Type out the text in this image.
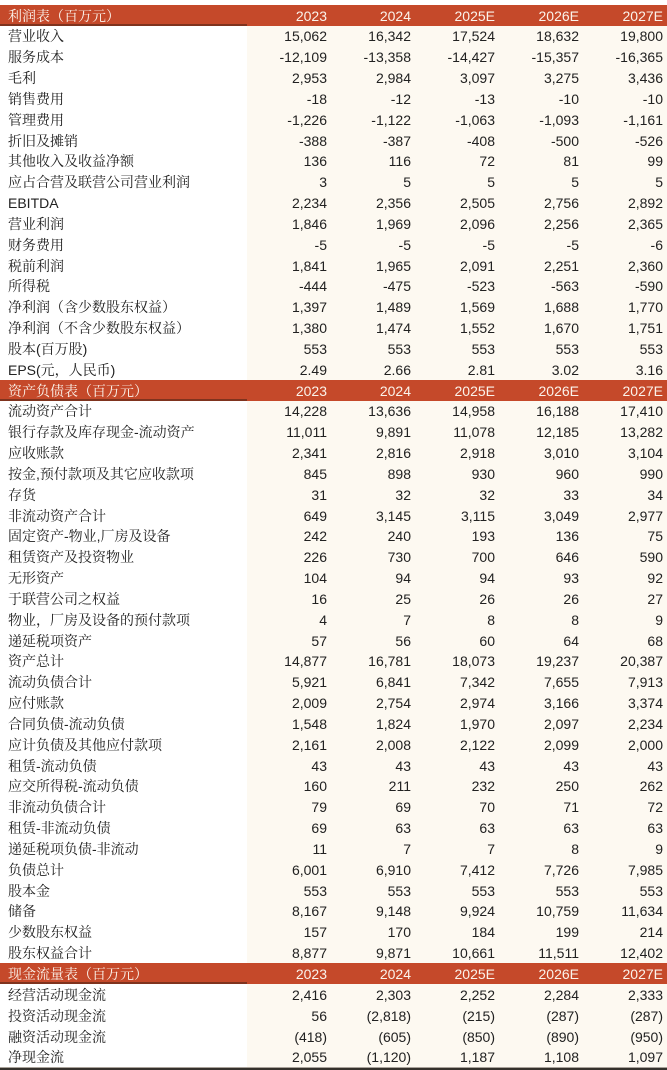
利润表（百万元）	2023	2024	2025E	2026E	2027E
营业收入	15,062	16,342	17,524	18,632	19,800
服务成本	-12,109	-13,358	-14,427	-15,357	-16,365
毛利	2,953	2,984	3,097	3,275	3,436
销售费用	-18	-12	-13	-10	-10
管理费用	-1,226	-1,122	-1,063	-1,093	-1,161
折旧及摊销	-388	-387	-408	-500	-526
其他收入及收益净额	136	116	72	81	99
应占合营及联营公司营业利润	3	5	5	5	5
EBITDA	2,234	2,356	2,505	2,756	2,892
营业利润	1,846	1,969	2,096	2,256	2,365
财务费用	-5	-5	-5	-5	-6
税前利润	1,841	1,965	2,091	2,251	2,360
所得税	-444	-475	-523	-563	-590
净利润（含少数股东权益）	1,397	1,489	1,569	1,688	1,770
净利润（不含少数股东权益）	1,380	1,474	1,552	1,670	1,751
股本(百万股)	553	553	553	553	553
EPS(元，人民币)	2.49	2.66	2.81	3.02	3.16
资产负债表（百万元）	2023	2024	2025E	2026E	2027E
流动资产合计	14,228	13,636	14,958	16,188	17,410
银行存款及库存现金-流动资产	11,011	9,891	11,078	12,185	13,282
应收账款	2,341	2,816	2,918	3,010	3,104
按金,预付款项及其它应收款项	845	898	930	960	990
存货	31	32	32	33	34
非流动资产合计	649	3,145	3,115	3,049	2,977
固定资产-物业,厂房及设备	242	240	193	136	75
租赁资产及投资物业	226	730	700	646	590
无形资产	104	94	94	93	92
于联营公司之权益	16	25	26	26	27
物业，厂房及设备的预付款项	4	7	8	8	9
递延税项资产	57	56	60	64	68
资产总计	14,877	16,781	18,073	19,237	20,387
流动负债合计	5,921	6,841	7,342	7,655	7,913
应付账款	2,009	2,754	2,974	3,166	3,374
合同负债-流动负债	1,548	1,824	1,970	2,097	2,234
应计负债及其他应付款项	2,161	2,008	2,122	2,099	2,000
租赁-流动负债	43	43	43	43	43
应交所得税-流动负债	160	211	232	250	262
非流动负债合计	79	69	70	71	72
租赁-非流动负债	69	63	63	63	63
递延税项负债-非流动	11	7	7	8	9
负债总计	6,001	6,910	7,412	7,726	7,985
股本金	553	553	553	553	553
储备	8,167	9,148	9,924	10,759	11,634
少数股东权益	157	170	184	199	214
股东权益合计	8,877	9,871	10,661	11,511	12,402
现金流量表（百万元）	2023	2024	2025E	2026E	2027E
经营活动现金流	2,416	2,303	2,252	2,284	2,333
投资活动现金流	56	(2,818)	(215)	(287)	(287)
融资活动现金流	(418)	(605)	(850)	(890)	(950)
净现金流	2,055	(1,120)	1,187	1,108	1,097
